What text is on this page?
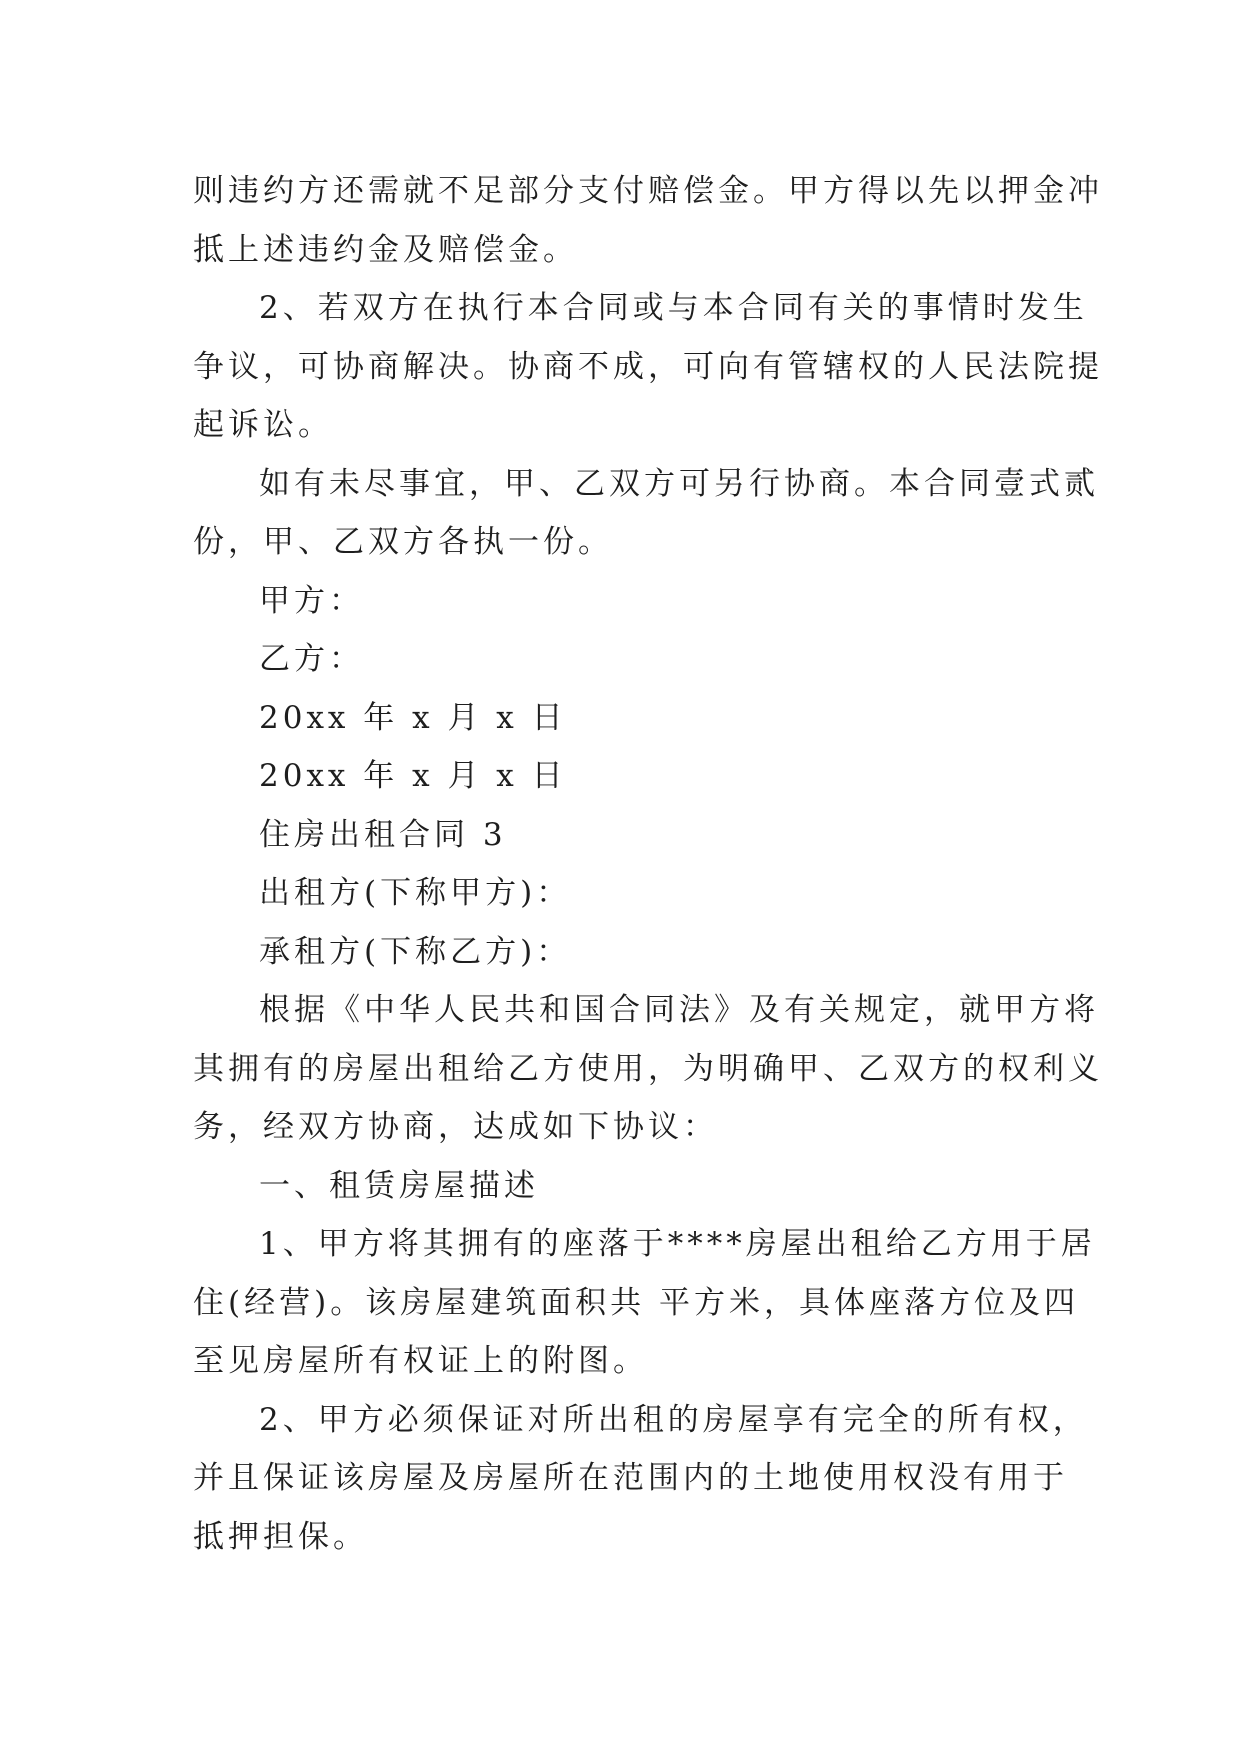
则违约方还需就不足部分支付赔偿金。甲方得以先以押金冲
抵上述违约金及赔偿金。
2、若双方在执行本合同或与本合同有关的事情时发生
争议，可协商解决。协商不成，可向有管辖权的人民法院提
起诉讼。
如有未尽事宜，甲、乙双方可另行协商。本合同壹式贰
份，甲、乙双方各执一份。
甲方：
乙方：
20xx 年 x 月 x 日
20xx 年 x 月 x 日
住房出租合同 3
出租方(下称甲方)：
承租方(下称乙方)：
根据《中华人民共和国合同法》及有关规定，就甲方将
其拥有的房屋出租给乙方使用，为明确甲、乙双方的权利义
务，经双方协商，达成如下协议：
一、租赁房屋描述
1、甲方将其拥有的座落于****房屋出租给乙方用于居
住(经营)。该房屋建筑面积共 平方米，具体座落方位及四
至见房屋所有权证上的附图。
2、甲方必须保证对所出租的房屋享有完全的所有权，
并且保证该房屋及房屋所在范围内的土地使用权没有用于
抵押担保。
